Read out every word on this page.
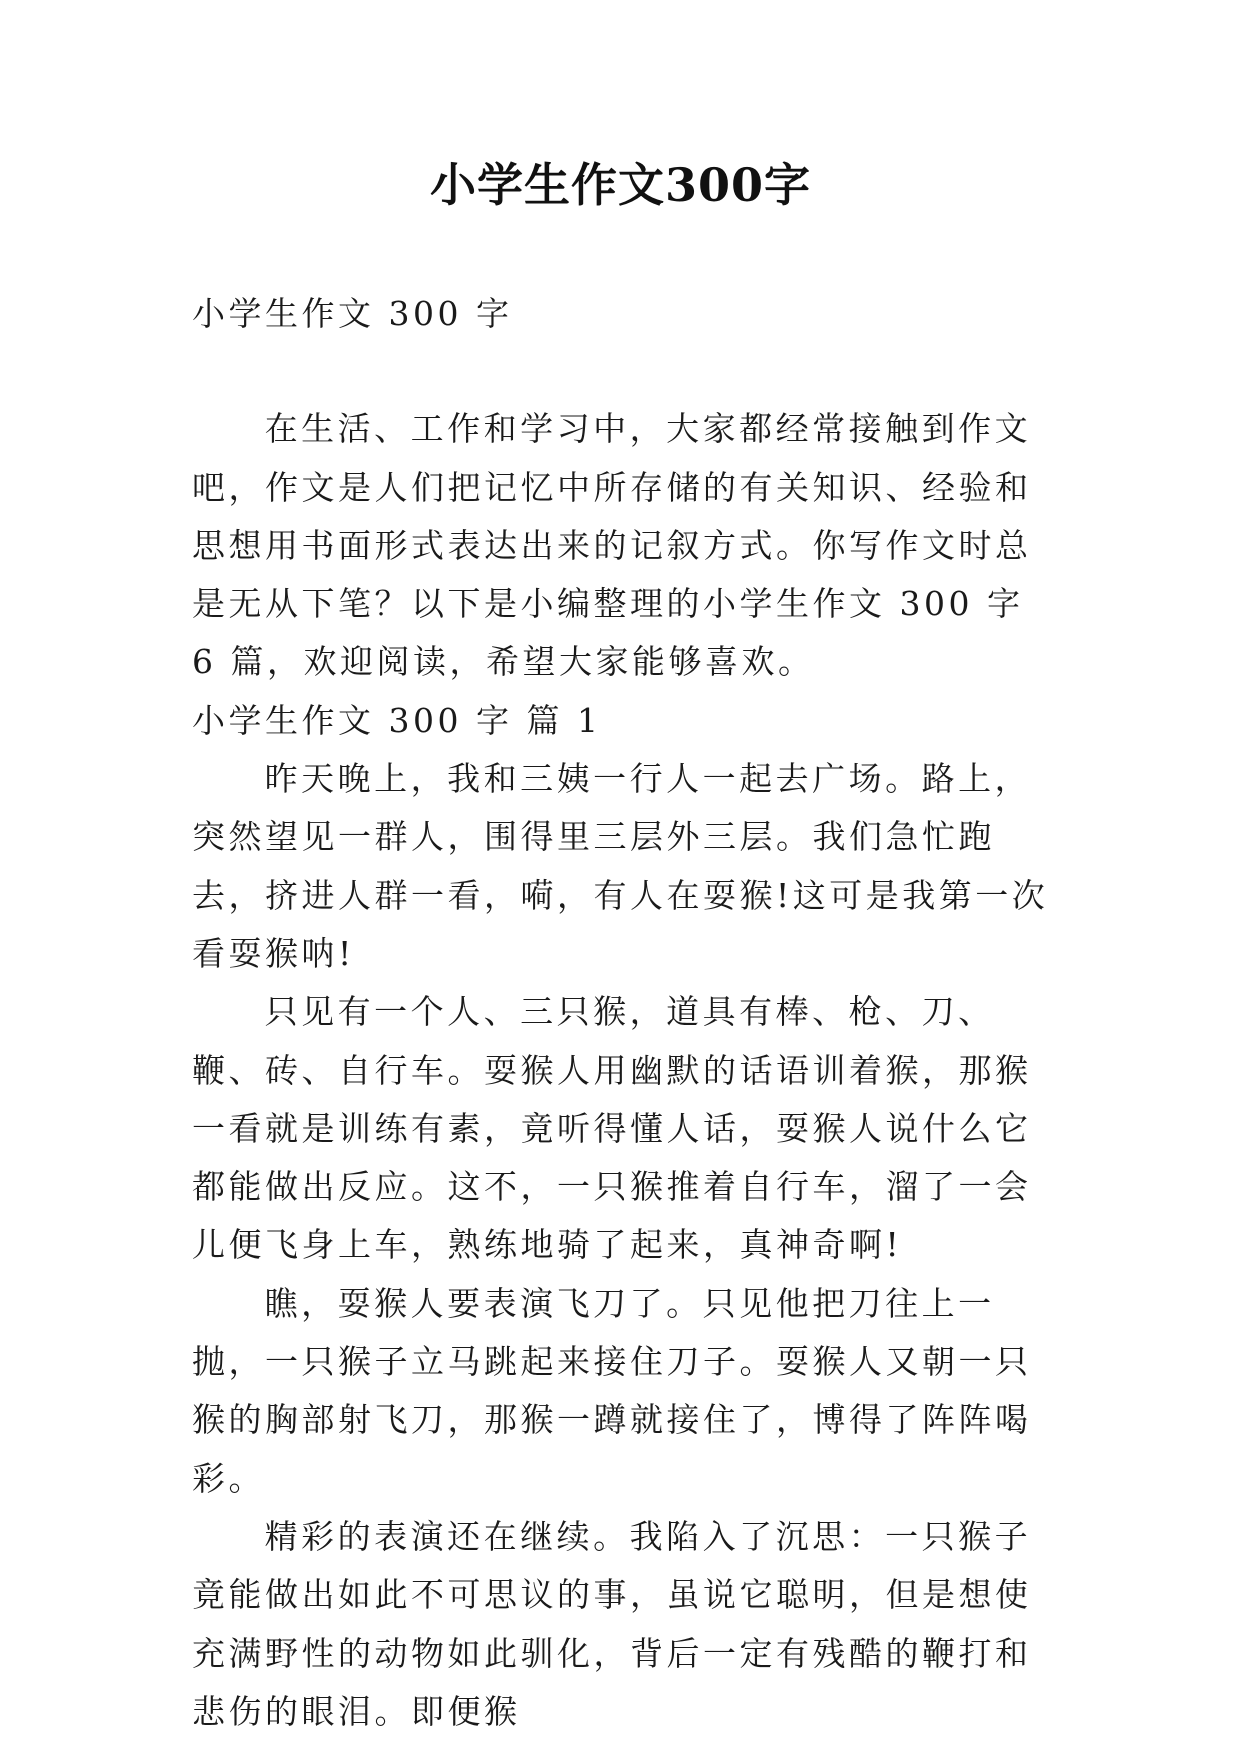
小学生作文300字

小学生作文 300 字

在生活、工作和学习中，大家都经常接触到作文吧，作文是人们把记忆中所存储的有关知识、经验和思想用书面形式表达出来的记叙方式。你写作文时总是无从下笔？以下是小编整理的小学生作文 300 字 6 篇，欢迎阅读，希望大家能够喜欢。

小学生作文 300 字 篇 1

昨天晚上，我和三姨一行人一起去广场。路上，突然望见一群人，围得里三层外三层。我们急忙跑去，挤进人群一看，嗬，有人在耍猴!这可是我第一次看耍猴呐!

只见有一个人、三只猴，道具有棒、枪、刀、鞭、砖、自行车。耍猴人用幽默的话语训着猴，那猴一看就是训练有素，竟听得懂人话，耍猴人说什么它都能做出反应。这不，一只猴推着自行车，溜了一会儿便飞身上车，熟练地骑了起来，真神奇啊!

瞧，耍猴人要表演飞刀了。只见他把刀往上一抛，一只猴子立马跳起来接住刀子。耍猴人又朝一只猴的胸部射飞刀，那猴一蹲就接住了，博得了阵阵喝彩。

精彩的表演还在继续。我陷入了沉思：一只猴子竟能做出如此不可思议的事，虽说它聪明，但是想使充满野性的动物如此驯化，背后一定有残酷的鞭打和悲伤的眼泪。即便猴
